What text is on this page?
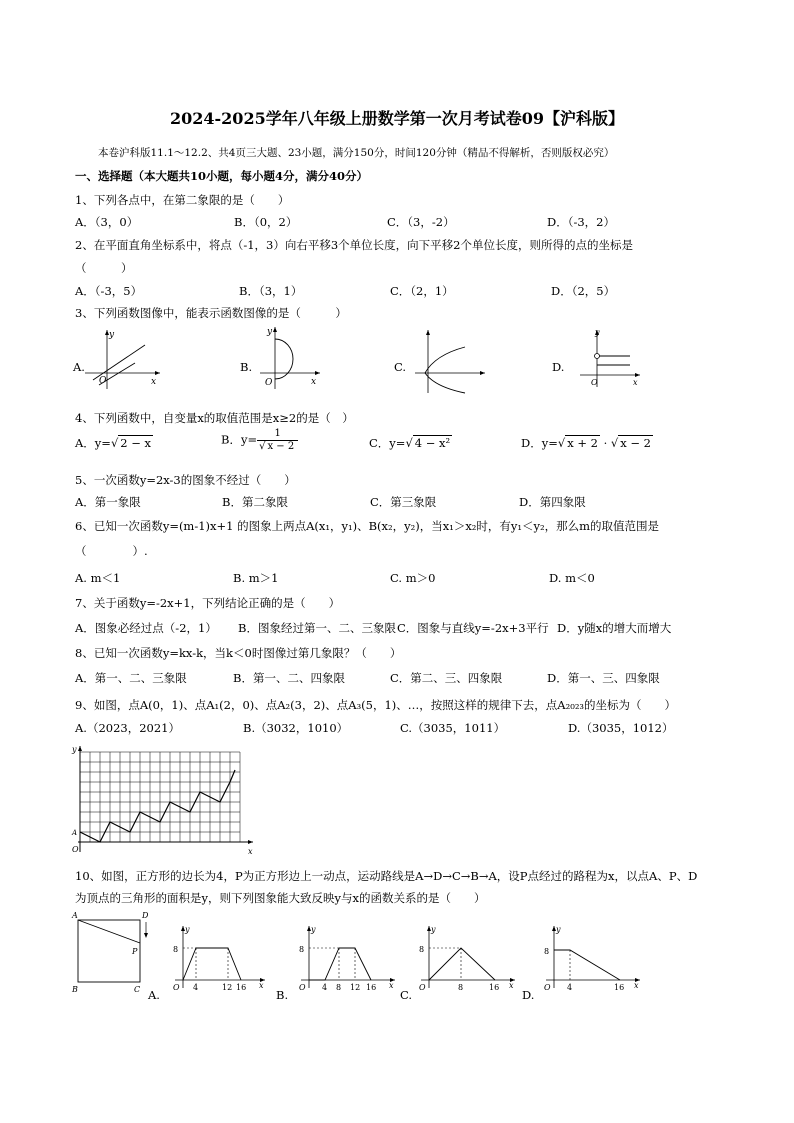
2024-2025学年八年级上册数学第一次月考试卷09【沪科版】
本卷沪科版11.1～12.2、共4页三大题、23小题，满分150分，时间120分钟（精品不得解析，否则版权必究）
一、选择题（本大题共10小题，每小题4分，满分40分）
1、下列各点中，在第二象限的是（　　）
A．（3，0）	B．（0，2）	C．（3，-2）	D．（-3，2）
2、在平面直角坐标系中，将点（-1，3）向右平移3个单位长度，向下平移2个单位长度，则所得的点的坐标是
（　　　）
A．（-3，5）	B．（3，1）	C．（2，1）	D．（2，5）
3、下列函数图像中，能表示函数图像的是（　　　）
A.	B.	C.	D.
y
x
O
y
x
O
y
x
O
4、下列函数中，自变量x的取值范围是x≥2的是（　）
A．y=√ 2 − x	B．$y= \frac{1}{√ x - 2}$	C．y=√ 4 − x²	D．y=√ x + 2 · √ x − 2
5、一次函数y=2x-3的图象不经过（　　）
A．第一象限	B．第二象限	C．第三象限	D．第四象限
6、已知一次函数y=(m-1)x+1 的图象上两点A(x₁，y₁)、B(x₂，y₂)，当x₁＞x₂时，有y₁＜y₂，那么m的取值范围是
（　　　　）.
A. m＜1	B. m＞1	C. m＞0	D. m＜0
7、关于函数y=-2x+1，下列结论正确的是（　　）
A．图象必经过点（-2，1） B．图象经过第一、二、三象限 C．图象与直线y=-2x+3平行 D．y随x的增大而增大
8、已知一次函数y=kx-k，当k＜0时图像过第几象限？（　　）
A．第一、二、三象限	B．第一、二、四象限	C．第二、三、四象限	D．第一、三、四象限
9、如图，点A(0，1)、点A₁(2，0)、点A₂(3，2)、点A₃(5，1)、…，按照这样的规律下去，点A₂₀₂₃的坐标为（　　）
A.（2023，2021）	B.（3032，1010）	C.（3035，1011）	D.（3035，1012）
y
x
O
A
10、如图，正方形的边长为4，P为正方形边上一动点，运动路线是A→D→C→B→A，设P点经过的路程为x，以点A、P、D
为顶点的三角形的面积是y，则下列图象能大致反映y与x的函数关系的是（　　）
A	D
B	C
P	8
4	12 16
O
y
x
A.
8
4 8 12 16
O
y
x
B.
8
8	16
O
y
x
C.
8
4	16
O
y
x
D.
